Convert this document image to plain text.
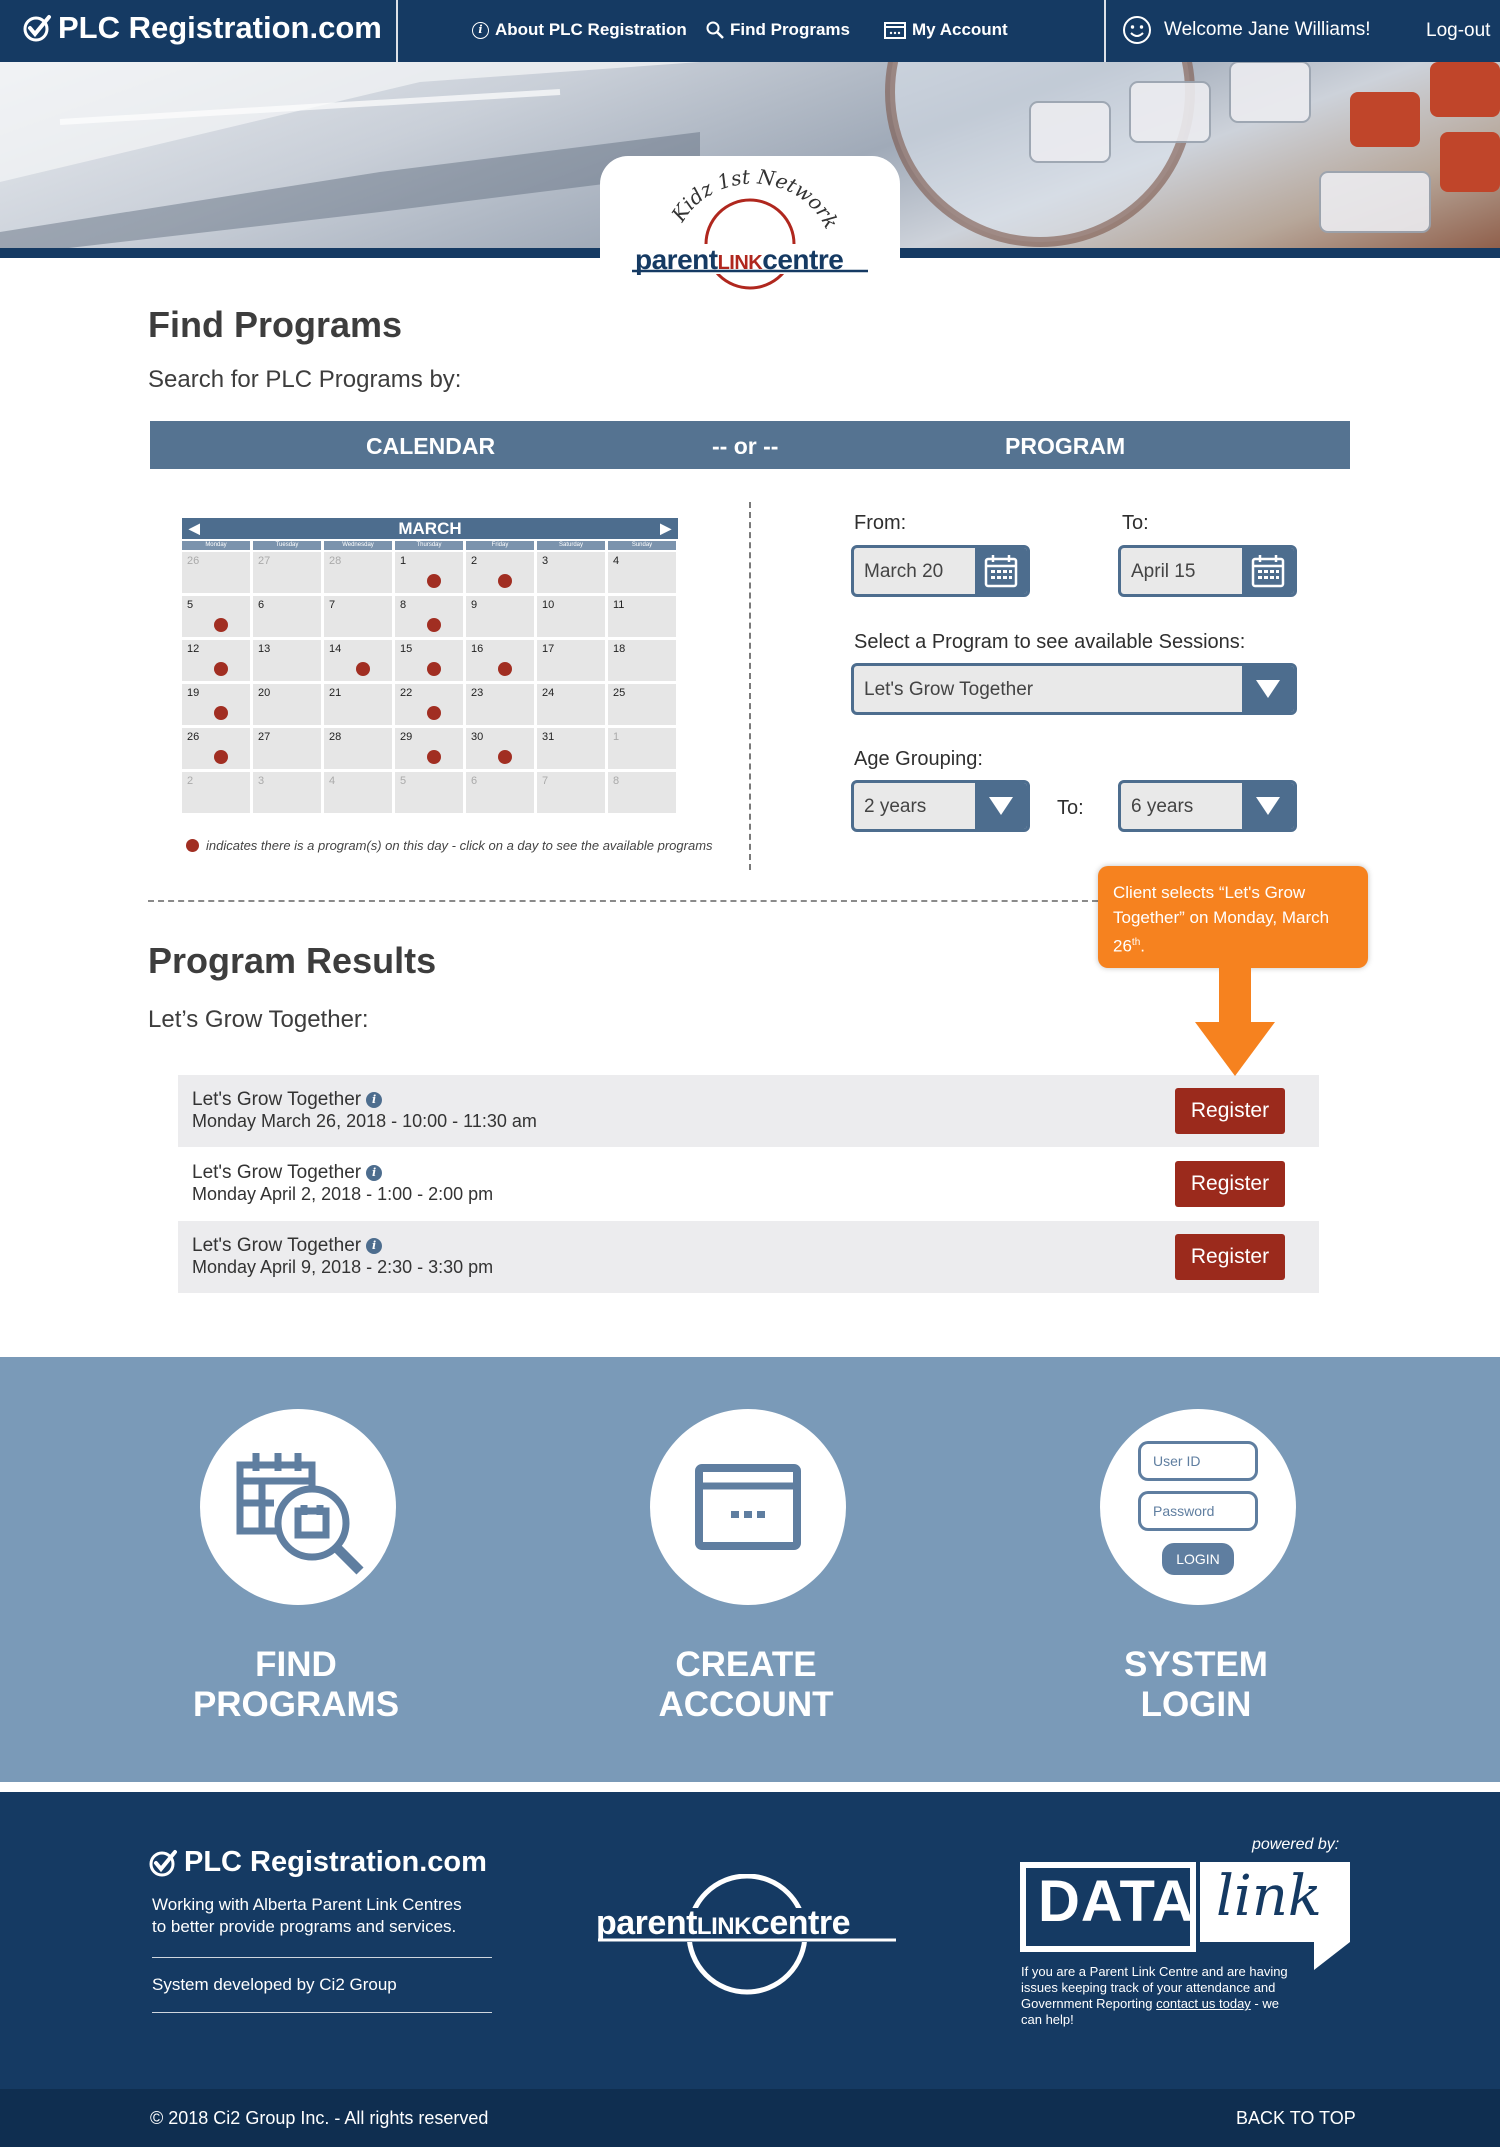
PLC Registration.com	i About PLC Registration	Find Programs	My Account	Welcome Jane Williams!	Log-out
Kidz 1st Network
parentLINKcentre
Find Programs
Search for PLC Programs by:
CALENDAR	-- or --	PROGRAM
◀	MARCH	▶
Monday	Tuesday	Wednesday	Thursday	Friday	Saturday	Sunday
26	27	28	1	2	3	4
5	6	7	8	9	10	11
12	13	14	15	16	17	18
19	20	21	22	23	24	25
26	27	28	29	30	31	1
2	3	4	5	6	7	8
indicates there is a program(s) on this day - click on a day to see the available programs
From:	To:
March 20	April 15
Select a Program to see available Sessions:
Let's Grow Together
Age Grouping:
2 years	To:	6 years
Program Results
Let’s Grow Together:
Let's Grow Together i
Monday March 26, 2018 - 10:00 - 11:30 am	Register
Let's Grow Together i
Monday April 2, 2018 - 1:00 - 2:00 pm	Register
Let's Grow Together i
Monday April 9, 2018 - 2:30 - 3:30 pm	Register
Client selects “Let's Grow
Together” on Monday, March
26th.
FIND
PROGRAMS
CREATE
ACCOUNT
User ID
Password
LOGIN
SYSTEM
LOGIN
PLC Registration.com
Working with Alberta Parent Link Centres
to better provide programs and services.
System developed by Ci2 Group
parentLINKcentre
powered by:
DATA link
If you are a Parent Link Centre and are having
issues keeping track of your attendance and
Government Reporting contact us today - we
can help!
© 2018 Ci2 Group Inc. - All rights reserved	BACK TO TOP
